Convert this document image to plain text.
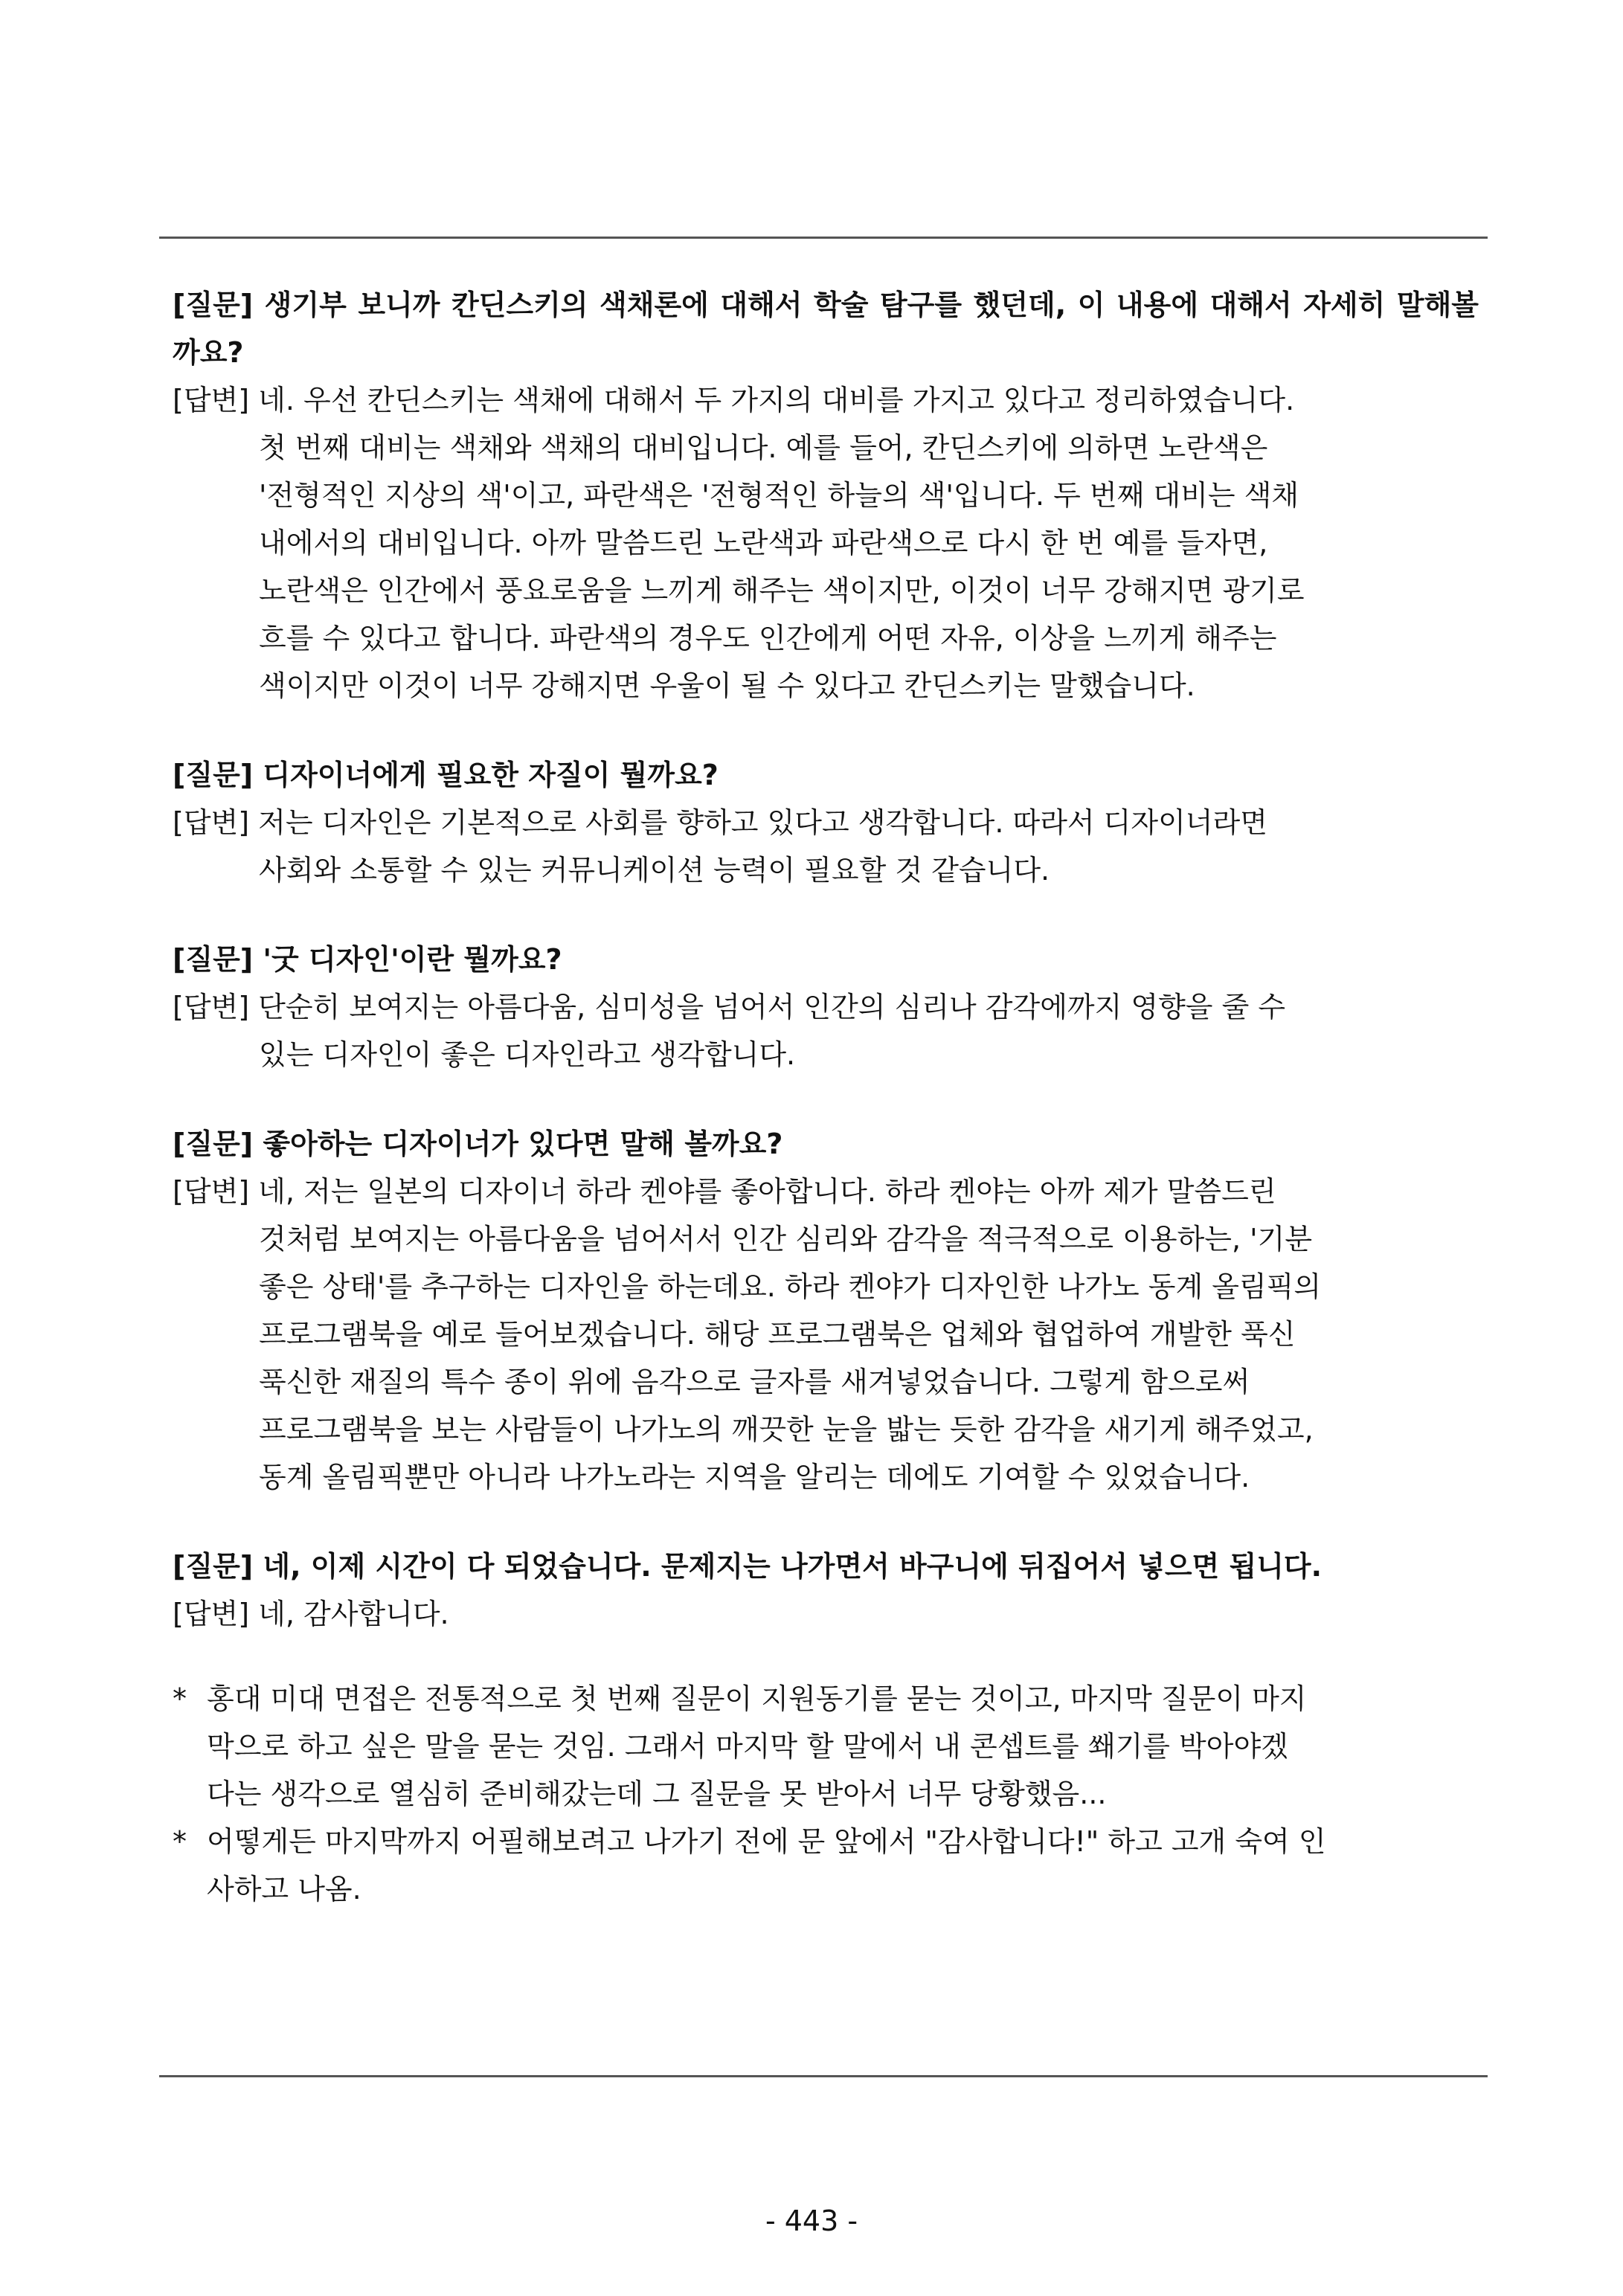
[질문] 생기부 보니까 칸딘스키의 색채론에 대해서 학술 탐구를 했던데, 이 내용에 대해서 자세히 말해볼까요?

[답변] 네. 우선 칸딘스키는 색채에 대해서 두 가지의 대비를 가지고 있다고 정리하였습니다.
첫 번째 대비는 색채와 색채의 대비입니다. 예를 들어, 칸딘스키에 의하면 노란색은
'전형적인 지상의 색'이고, 파란색은 '전형적인 하늘의 색'입니다. 두 번째 대비는 색채
내에서의 대비입니다. 아까 말씀드린 노란색과 파란색으로 다시 한 번 예를 들자면,
노란색은 인간에서 풍요로움을 느끼게 해주는 색이지만, 이것이 너무 강해지면 광기로
흐를 수 있다고 합니다. 파란색의 경우도 인간에게 어떤 자유, 이상을 느끼게 해주는
색이지만 이것이 너무 강해지면 우울이 될 수 있다고 칸딘스키는 말했습니다.

[질문] 디자이너에게 필요한 자질이 뭘까요?

[답변] 저는 디자인은 기본적으로 사회를 향하고 있다고 생각합니다. 따라서 디자이너라면
사회와 소통할 수 있는 커뮤니케이션 능력이 필요할 것 같습니다.

[질문] '굿 디자인'이란 뭘까요?

[답변] 단순히 보여지는 아름다움, 심미성을 넘어서 인간의 심리나 감각에까지 영향을 줄 수
있는 디자인이 좋은 디자인라고 생각합니다.

[질문] 좋아하는 디자이너가 있다면 말해 볼까요?

[답변] 네, 저는 일본의 디자이너 하라 켄야를 좋아합니다. 하라 켄야는 아까 제가 말씀드린
것처럼 보여지는 아름다움을 넘어서서 인간 심리와 감각을 적극적으로 이용하는, '기분
좋은 상태'를 추구하는 디자인을 하는데요. 하라 켄야가 디자인한 나가노 동계 올림픽의
프로그램북을 예로 들어보겠습니다. 해당 프로그램북은 업체와 협업하여 개발한 푹신
푹신한 재질의 특수 종이 위에 음각으로 글자를 새겨넣었습니다. 그렇게 함으로써
프로그램북을 보는 사람들이 나가노의 깨끗한 눈을 밟는 듯한 감각을 새기게 해주었고,
동계 올림픽뿐만 아니라 나가노라는 지역을 알리는 데에도 기여할 수 있었습니다.

[질문] 네, 이제 시간이 다 되었습니다. 문제지는 나가면서 바구니에 뒤집어서 넣으면 됩니다.

[답변] 네, 감사합니다.
* 홍대 미대 면접은 전통적으로 첫 번째 질문이 지원동기를 묻는 것이고, 마지막 질문이 마지
막으로 하고 싶은 말을 묻는 것임. 그래서 마지막 할 말에서 내 콘셉트를 쐐기를 박아야겠
다는 생각으로 열심히 준비해갔는데 그 질문을 못 받아서 너무 당황했음...
* 어떻게든 마지막까지 어필해보려고 나가기 전에 문 앞에서 "감사합니다!" 하고 고개 숙여 인
사하고 나옴.
- 443 -
